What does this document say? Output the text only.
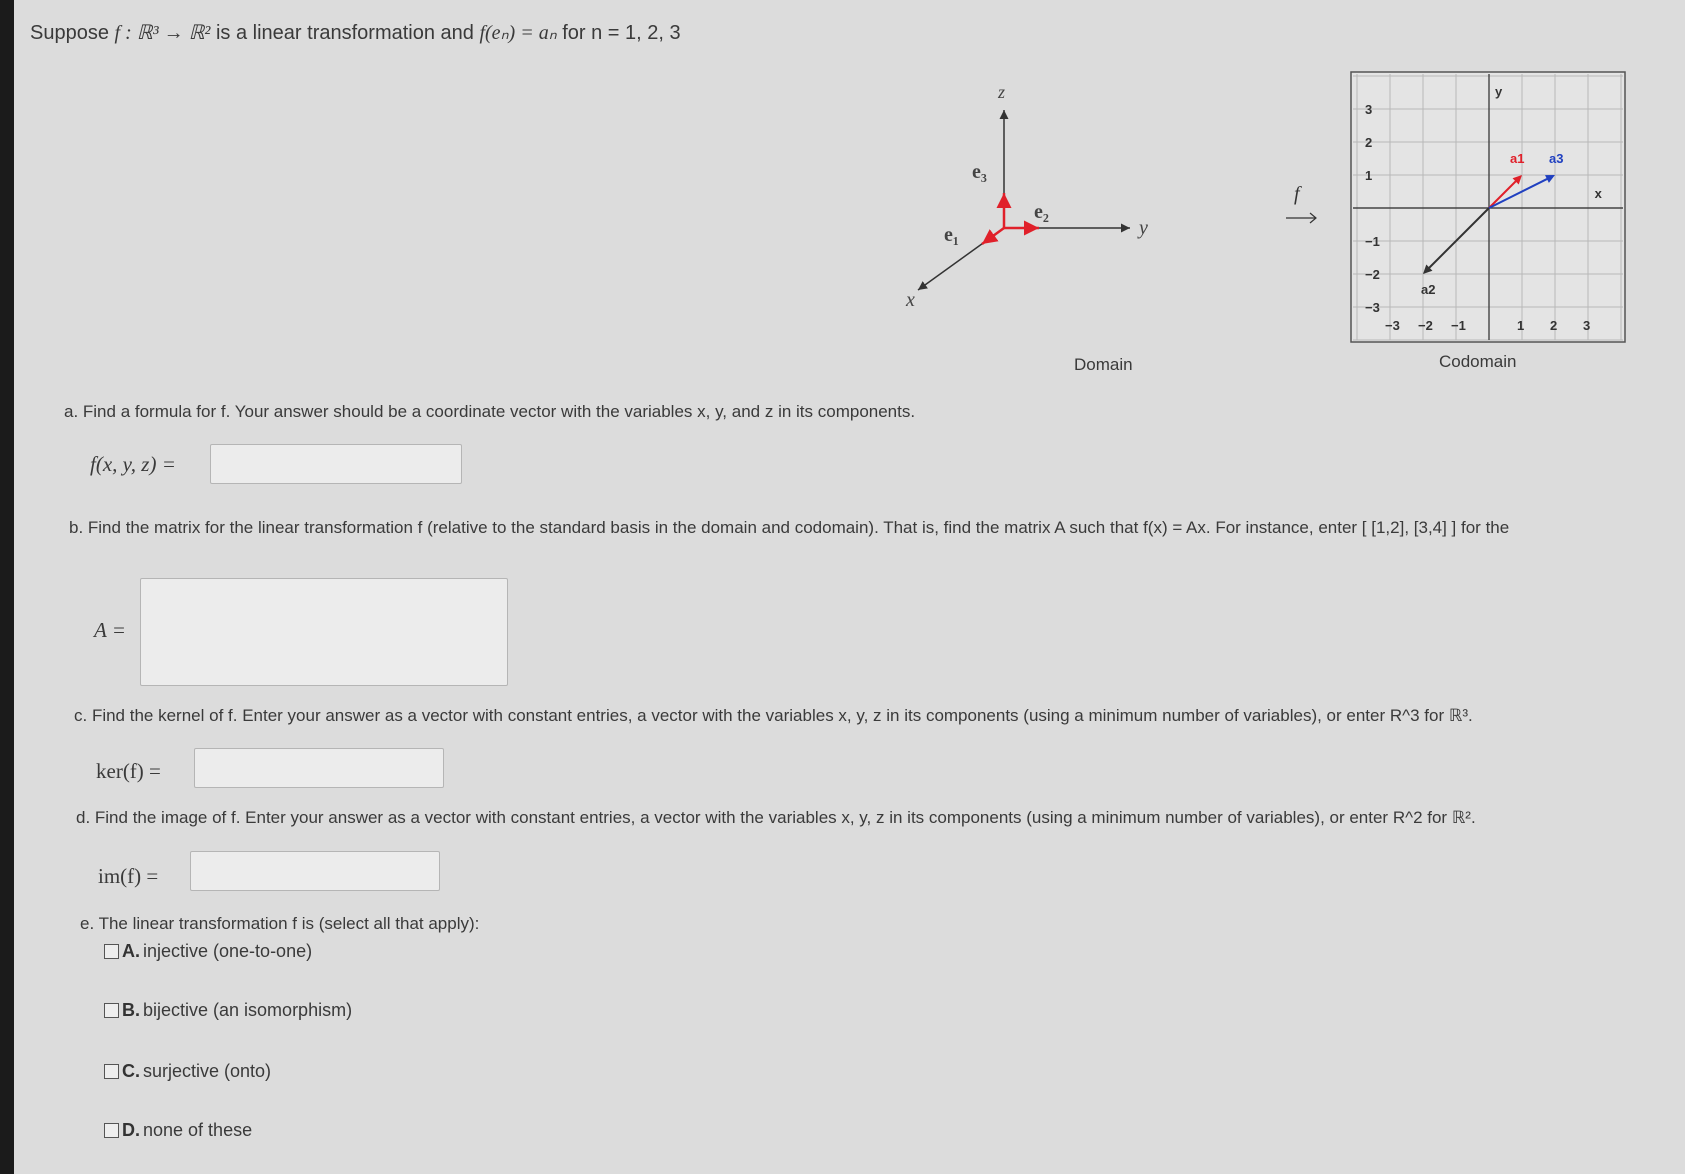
Suppose f : ℝ³ → ℝ² is a linear transformation and f(eₙ) = aₙ for n = 1, 2, 3
z
y
x
e₃
e₂
e₁
Domain
f
−3 −2 −1	1 2 3
3
2
1
−1
−2
−3
x
y
a1
a2
a3
Codomain
a. Find a formula for f. Your answer should be a coordinate vector with the variables x, y, and z in its components.
f(x, y, z) =
b. Find the matrix for the linear transformation f (relative to the standard basis in the domain and codomain). That is, find the matrix A such that f(x) = Ax. For instance, enter [ [1,2], [3,4] ] for the
A =
c. Find the kernel of f. Enter your answer as a vector with constant entries, a vector with the variables x, y, z in its components (using a minimum number of variables), or enter R^3 for ℝ³.
ker(f) =
d. Find the image of f. Enter your answer as a vector with constant entries, a vector with the variables x, y, z in its components (using a minimum number of variables), or enter R^2 for ℝ².
im(f) =
e. The linear transformation f is (select all that apply):
A. injective (one-to-one)
B. bijective (an isomorphism)
C. surjective (onto)
D. none of these
